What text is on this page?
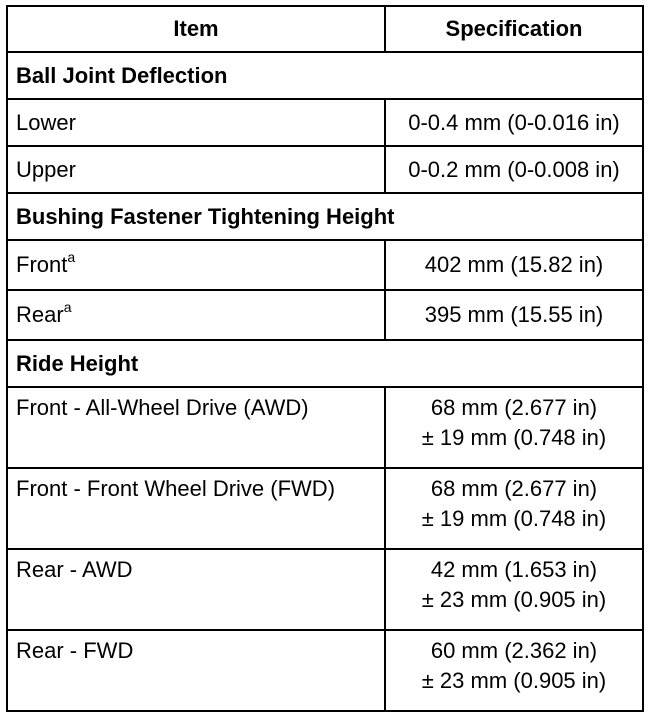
Item	Specification
Ball Joint Deflection	
Lower	0-0.4 mm (0-0.016 in)
Upper	0-0.2 mm (0-0.008 in)
Bushing Fastener Tightening Height	
Front$^a$	402 mm (15.82 in)
Rear$^a$	395 mm (15.55 in)
Ride Height	
Front - All-Wheel Drive (AWD)	68 mm (2.677 in)
± 19 mm (0.748 in)

Front - Front Wheel Drive (FWD)	68 mm (2.677 in)
± 19 mm (0.748 in)

Rear - AWD	42 mm (1.653 in)
± 23 mm (0.905 in)

Rear - FWD	60 mm (2.362 in)
± 23 mm (0.905 in)
